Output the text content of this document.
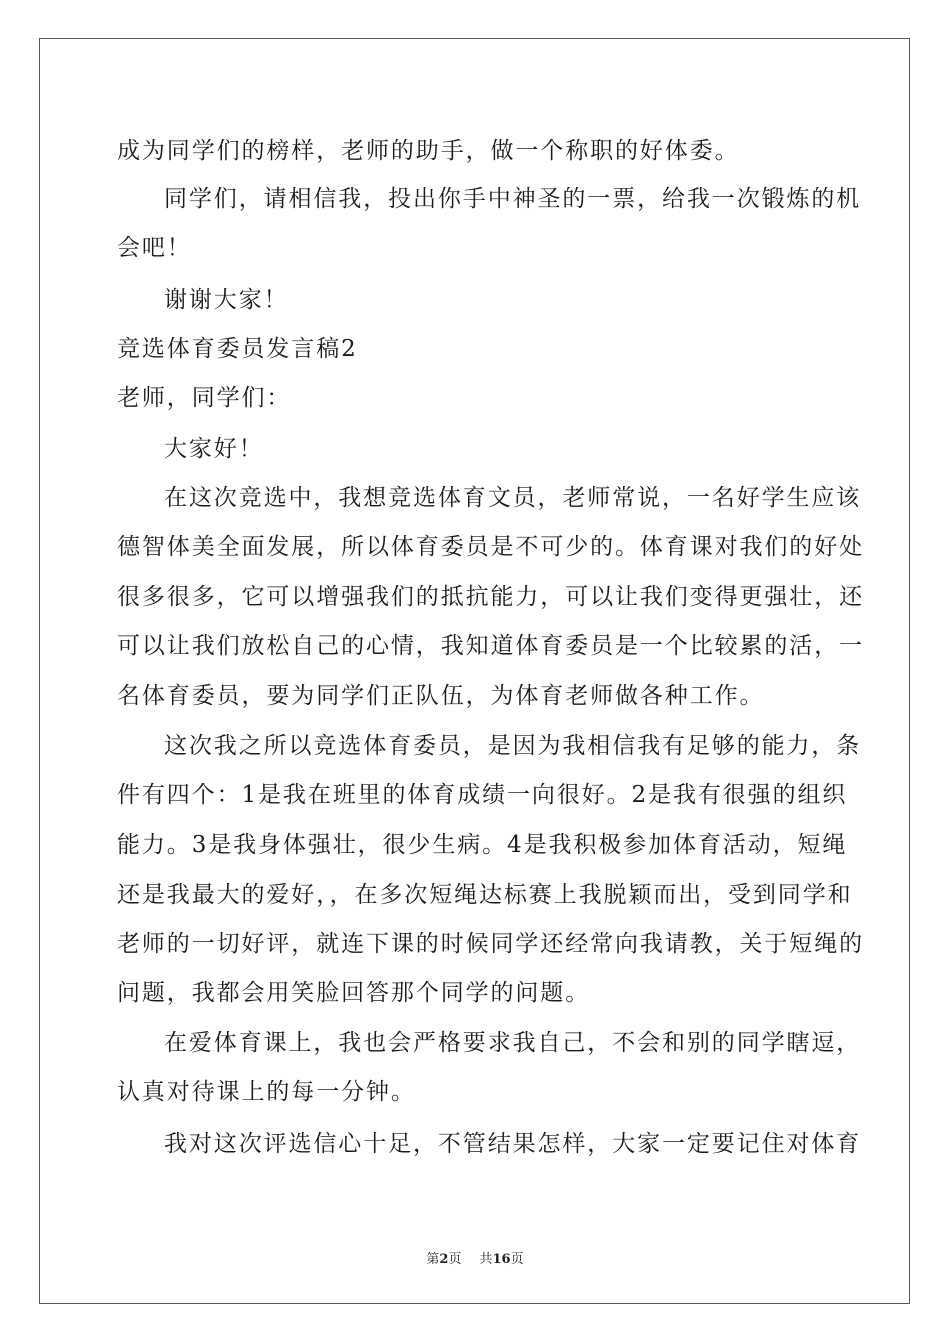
成为同学们的榜样，老师的助手，做一个称职的好体委。
同学们，请相信我，投出你手中神圣的一票，给我一次锻炼的机
会吧！
谢谢大家！
竞选体育委员发言稿2
老师，同学们：
大家好！
在这次竞选中，我想竞选体育文员，老师常说，一名好学生应该
德智体美全面发展，所以体育委员是不可少的。体育课对我们的好处
很多很多，它可以增强我们的抵抗能力，可以让我们变得更强壮，还
可以让我们放松自己的心情，我知道体育委员是一个比较累的活，一
名体育委员，要为同学们正队伍，为体育老师做各种工作。
这次我之所以竞选体育委员，是因为我相信我有足够的能力，条
件有四个：1是我在班里的体育成绩一向很好。2是我有很强的组织
能力。3是我身体强壮，很少生病。4是我积极参加体育活动，短绳
还是我最大的爱好，，在多次短绳达标赛上我脱颖而出，受到同学和
老师的一切好评，就连下课的时候同学还经常向我请教，关于短绳的
问题，我都会用笑脸回答那个同学的问题。
在爱体育课上，我也会严格要求我自己，不会和别的同学瞎逗，
认真对待课上的每一分钟。
我对这次评选信心十足，不管结果怎样，大家一定要记住对体育
第2页 共16页
